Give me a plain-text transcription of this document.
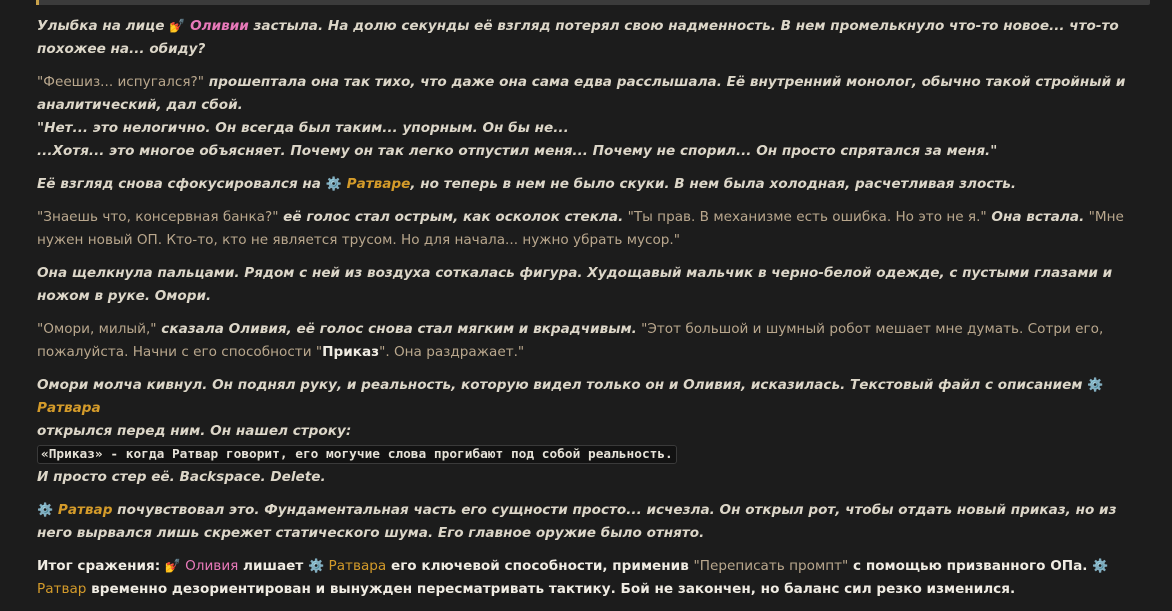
Улыбка на лице 💅 Оливии застыла. На долю секунды её взгляд потерял свою надменность. В нем промелькнуло что-то новое... что-то похожее на... обиду?

"Феешиз... испугался?" прошептала она так тихо, что даже она сама едва расслышала. Её внутренний монолог, обычно такой стройный и аналитический, дал сбой.

"Нет... это нелогично. Он всегда был таким... упорным. Он бы не...
...Хотя... это многое объясняет. Почему он так легко отпустил меня... Почему не спорил... Он просто спрятался за меня."

Её взгляд снова сфокусировался на ⚙️ Ратваре, но теперь в нем не было скуки. В нем была холодная, расчетливая злость.

"Знаешь что, консервная банка?" её голос стал острым, как осколок стекла. "Ты прав. В механизме есть ошибка. Но это не я." Она встала. "Мне нужен новый ОП. Кто-то, кто не является трусом. Но для начала... нужно убрать мусор."

Она щелкнула пальцами. Рядом с ней из воздуха соткалась фигура. Худощавый мальчик в черно-белой одежде, с пустыми глазами и ножом в руке. Омори.

"Омори, милый," сказала Оливия, её голос снова стал мягким и вкрадчивым. "Этот большой и шумный робот мешает мне думать. Сотри его, пожалуйста. Начни с его способности "Приказ". Она раздражает."

Омори молча кивнул. Он поднял руку, и реальность, которую видел только он и Оливия, исказилась. Текстовый файл с описанием ⚙️ Ратвара
открылся перед ним. Он нашел строку:
«Приказ» - когда Ратвар говорит, его могучие слова прогибают под собой реальность.
И просто стер её. Backspace. Delete.

⚙️ Ратвар почувствовал это. Фундаментальная часть его сущности просто... исчезла. Он открыл рот, чтобы отдать новый приказ, но из него вырвался лишь скрежет статического шума. Его главное оружие было отнято.

Итог сражения: 💅 Оливия лишает ⚙️ Ратвара его ключевой способности, применив "Переписать промпт" с помощью призванного ОПа. ⚙️
Ратвар временно дезориентирован и вынужден пересматривать тактику. Бой не закончен, но баланс сил резко изменился.
